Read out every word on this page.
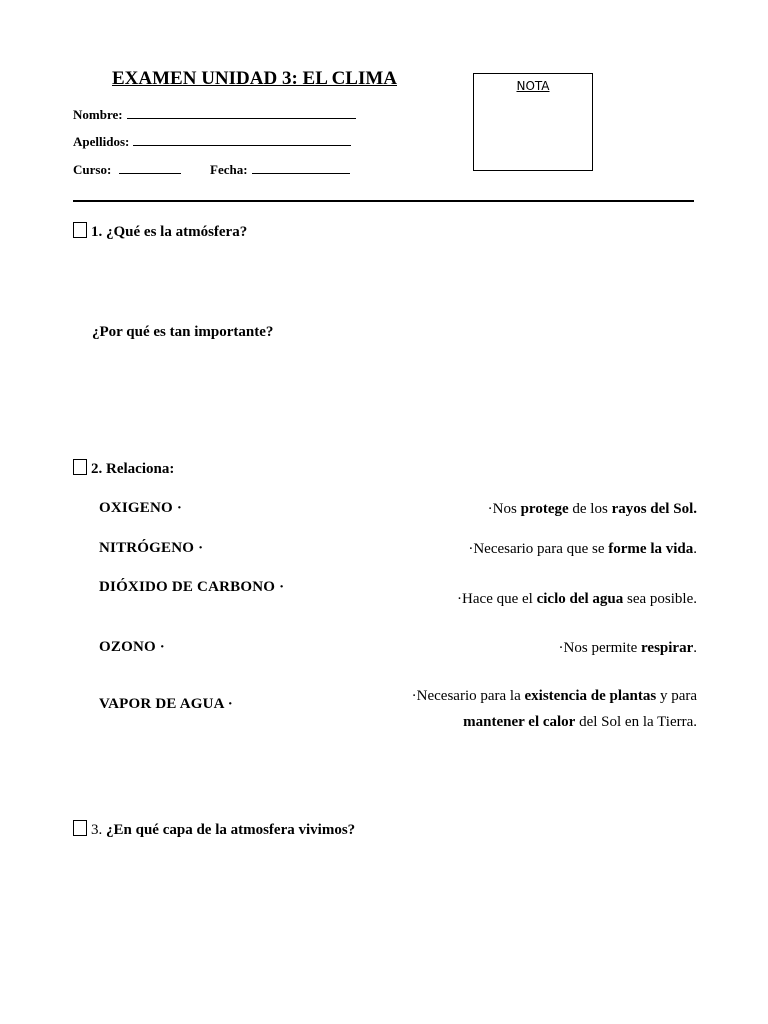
EXAMEN UNIDAD 3: EL CLIMA
Nombre:
Apellidos:
Curso:	Fecha:
NOTA
1. ¿Qué es la atmósfera?
¿Por qué es tan importante?
2. Relaciona:
OXIGENO ·
NITRÓGENO ·
DIÓXIDO DE CARBONO ·
OZONO ·
VAPOR DE AGUA ·
·Nos protege de los rayos del Sol.
·Necesario para que se forme la vida.
·Hace que el ciclo del agua sea posible.
·Nos permite respirar.
·Necesario para la existencia de plantas y para
mantener el calor del Sol en la Tierra.
3. ¿En qué capa de la atmosfera vivimos?
